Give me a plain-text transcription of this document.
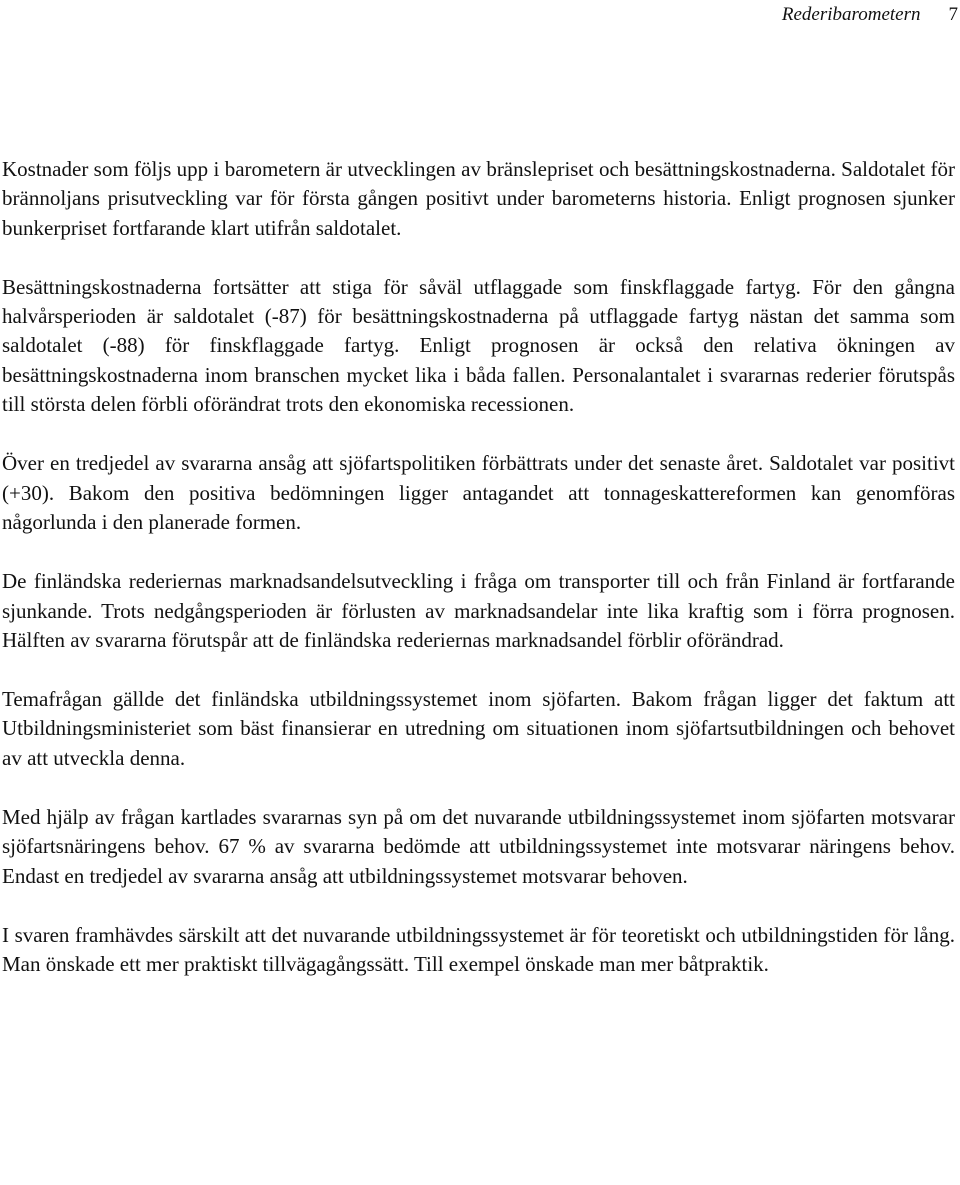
Rederibarometern 7

Kostnader som följs upp i barometern är utvecklingen av bränslepriset och besättningskostnaderna. Saldotalet för brännoljans prisutveckling var för första gången positivt under barometerns historia. Enligt prognosen sjunker bunkerpriset fortfarande klart utifrån saldotalet.

Besättningskostnaderna fortsätter att stiga för såväl utflaggade som finskflaggade fartyg. För den gångna halvårsperioden är saldotalet (-87) för besättningskostnaderna på utflaggade fartyg nästan det samma som saldotalet (-88) för finskflaggade fartyg. Enligt prognosen är också den relativa ökningen av besättningskostnaderna inom branschen mycket lika i båda fallen. Personalantalet i svararnas rederier förutspås till största delen förbli oförändrat trots den ekonomiska recessionen.

Över en tredjedel av svararna ansåg att sjöfartspolitiken förbättrats under det senaste året. Saldotalet var positivt (+30). Bakom den positiva bedömningen ligger antagandet att tonnageskattereformen kan genomföras någorlunda i den planerade formen.

De finländska rederiernas marknadsandelsutveckling i fråga om transporter till och från Finland är fortfarande sjunkande. Trots nedgångsperioden är förlusten av marknadsandelar inte lika kraftig som i förra prognosen. Hälften av svararna förutspår att de finländska rederiernas marknadsandel förblir oförändrad.

Temafrågan gällde det finländska utbildningssystemet inom sjöfarten. Bakom frågan ligger det faktum att Utbildningsministeriet som bäst finansierar en utredning om situationen inom sjöfartsutbildningen och behovet av att utveckla denna.

Med hjälp av frågan kartlades svararnas syn på om det nuvarande utbildningssystemet inom sjöfarten motsvarar sjöfartsnäringens behov. 67 % av svararna bedömde att utbildningssystemet inte motsvarar näringens behov. Endast en tredjedel av svararna ansåg att utbildningssystemet motsvarar behoven.

I svaren framhävdes särskilt att det nuvarande utbildningssystemet är för teoretiskt och utbildningstiden för lång. Man önskade ett mer praktiskt tillvägagångssätt. Till exempel önskade man mer båtpraktik.
